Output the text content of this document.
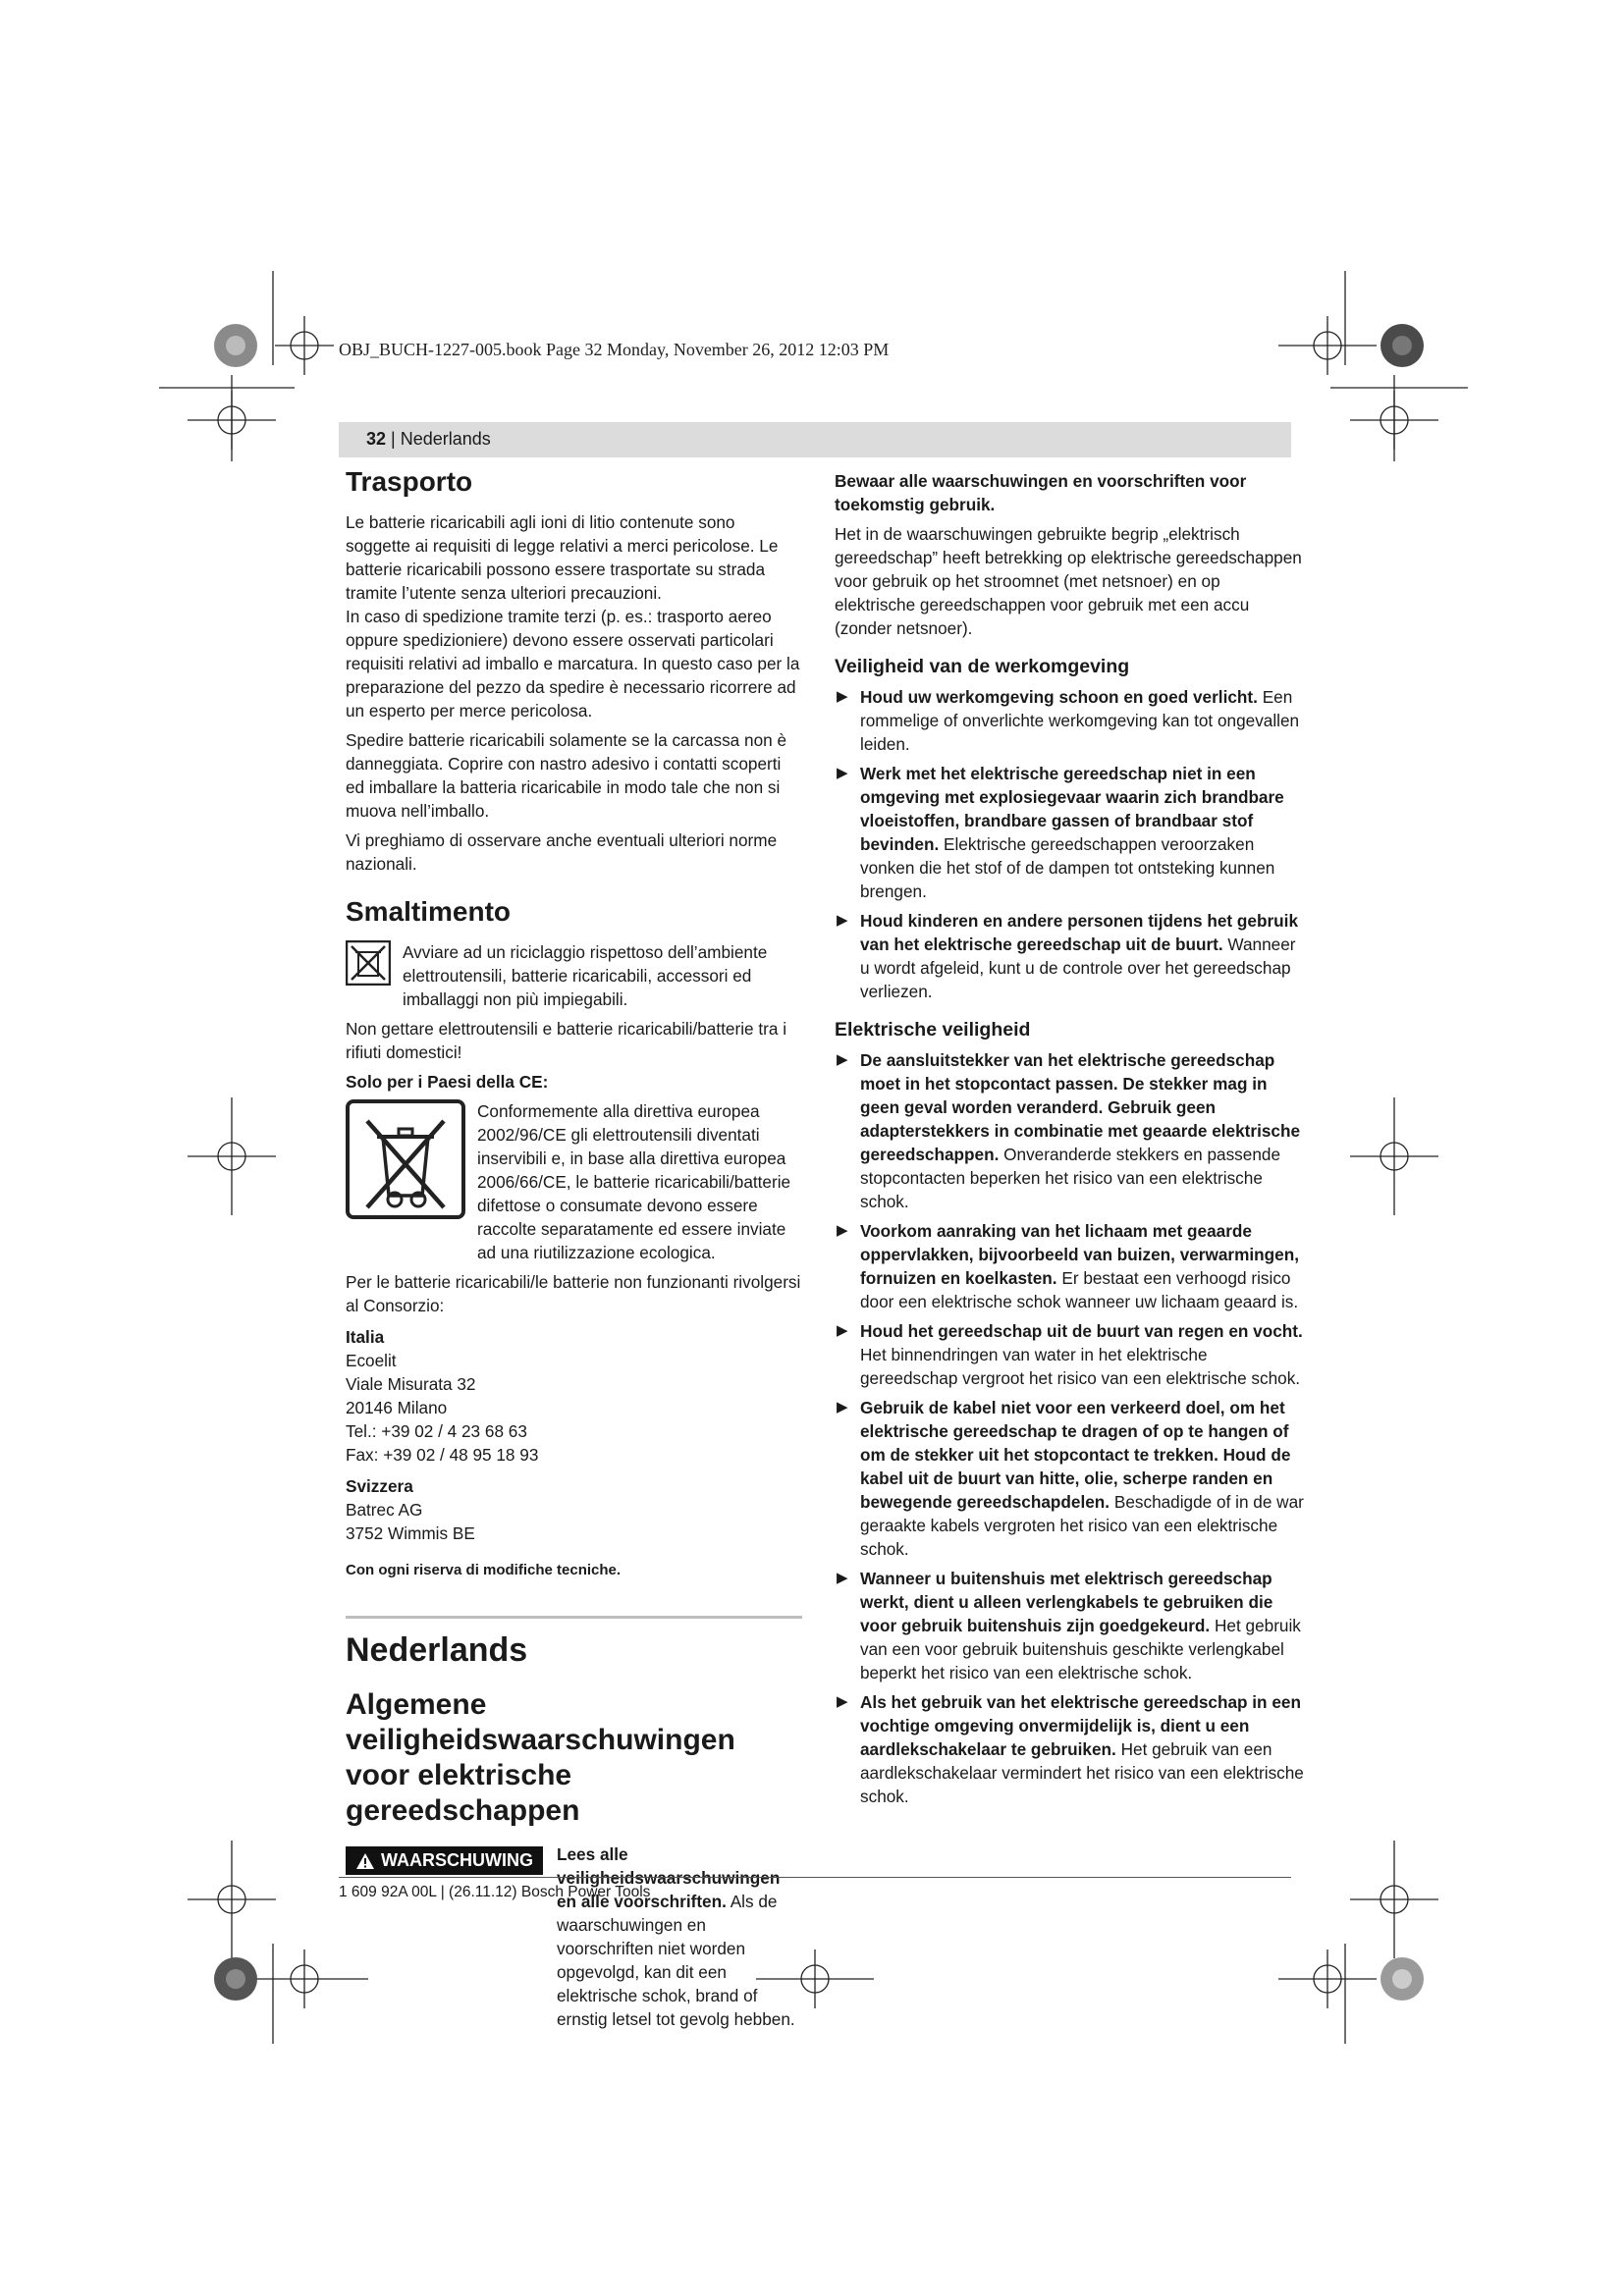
OBJ_BUCH-1227-005.book Page 32 Monday, November 26, 2012 12:03 PM
32 | Nederlands
Trasporto

Le batterie ricaricabili agli ioni di litio contenute sono soggette ai requisiti di legge relativi a merci pericolose. Le batterie ricaricabili possono essere trasportate su strada tramite l’utente senza ulteriori precauzioni.

In caso di spedizione tramite terzi (p. es.: trasporto aereo oppure spedizioniere) devono essere osservati particolari requisiti relativi ad imballo e marcatura. In questo caso per la preparazione del pezzo da spedire è necessario ricorrere ad un esperto per merce pericolosa.

Spedire batterie ricaricabili solamente se la carcassa non è danneggiata. Coprire con nastro adesivo i contatti scoperti ed imballare la batteria ricaricabile in modo tale che non si muova nell’imballo.

Vi preghiamo di osservare anche eventuali ulteriori norme nazionali.

Smaltimento

Avviare ad un riciclaggio rispettoso dell’ambiente elettroutensili, batterie ricaricabili, accessori ed imballaggi non più impiegabili.

Non gettare elettroutensili e batterie ricaricabili/batterie tra i rifiuti domestici!

Solo per i Paesi della CE:

Conformemente alla direttiva europea 2002/96/CE gli elettroutensili diventati inservibili e, in base alla direttiva europea 2006/66/CE, le batterie ricaricabili/batterie difettose o consumate devono essere raccolte separatamente ed essere inviate ad una riutilizzazione ecologica.

Per le batterie ricaricabili/le batterie non funzionanti rivolgersi al Consorzio:

Italia

Ecoelit

Viale Misurata 32

20146 Milano

Tel.: +39 02 / 4 23 68 63

Fax: +39 02 / 48 95 18 93

Svizzera

Batrec AG

3752 Wimmis BE

Con ogni riserva di modifiche tecniche.

Nederlands
Algemene veiligheidswaarschuwingen voor elektrische gereedschappen
WAARSCHUWING Lees alle veiligheidswaarschuwingen en alle voorschriften. Als de waarschuwingen en voorschriften niet worden opgevolgd, kan dit een elektrische schok, brand of ernstig letsel tot gevolg hebben.

Bewaar alle waarschuwingen en voorschriften voor toekomstig gebruik.

Het in de waarschuwingen gebruikte begrip „elektrisch gereedschap” heeft betrekking op elektrische gereedschappen voor gebruik op het stroomnet (met netsnoer) en op elektrische gereedschappen voor gebruik met een accu (zonder netsnoer).

Veiligheid van de werkomgeving
▶ Houd uw werkomgeving schoon en goed verlicht. Een rommelige of onverlichte werkomgeving kan tot ongevallen leiden.
▶ Werk met het elektrische gereedschap niet in een omgeving met explosiegevaar waarin zich brandbare vloeistoffen, brandbare gassen of brandbaar stof bevinden. Elektrische gereedschappen veroorzaken vonken die het stof of de dampen tot ontsteking kunnen brengen.
▶ Houd kinderen en andere personen tijdens het gebruik van het elektrische gereedschap uit de buurt. Wanneer u wordt afgeleid, kunt u de controle over het gereedschap verliezen.
Elektrische veiligheid
▶ De aansluitstekker van het elektrische gereedschap moet in het stopcontact passen. De stekker mag in geen geval worden veranderd. Gebruik geen adapterstekkers in combinatie met geaarde elektrische gereedschappen. Onveranderde stekkers en passende stopcontacten beperken het risico van een elektrische schok.
▶ Voorkom aanraking van het lichaam met geaarde oppervlakken, bijvoorbeeld van buizen, verwarmingen, fornuizen en koelkasten. Er bestaat een verhoogd risico door een elektrische schok wanneer uw lichaam geaard is.
▶ Houd het gereedschap uit de buurt van regen en vocht. Het binnendringen van water in het elektrische gereedschap vergroot het risico van een elektrische schok.
▶ Gebruik de kabel niet voor een verkeerd doel, om het elektrische gereedschap te dragen of op te hangen of om de stekker uit het stopcontact te trekken. Houd de kabel uit de buurt van hitte, olie, scherpe randen en bewegende gereedschapdelen. Beschadigde of in de war geraakte kabels vergroten het risico van een elektrische schok.
▶ Wanneer u buitenshuis met elektrisch gereedschap werkt, dient u alleen verlengkabels te gebruiken die voor gebruik buitenshuis zijn goedgekeurd. Het gebruik van een voor gebruik buitenshuis geschikte verlengkabel beperkt het risico van een elektrische schok.
▶ Als het gebruik van het elektrische gereedschap in een vochtige omgeving onvermijdelijk is, dient u een aardlekschakelaar te gebruiken. Het gebruik van een aardlekschakelaar vermindert het risico van een elektrische schok.
1 609 92A 00L | (26.11.12) Bosch Power Tools
